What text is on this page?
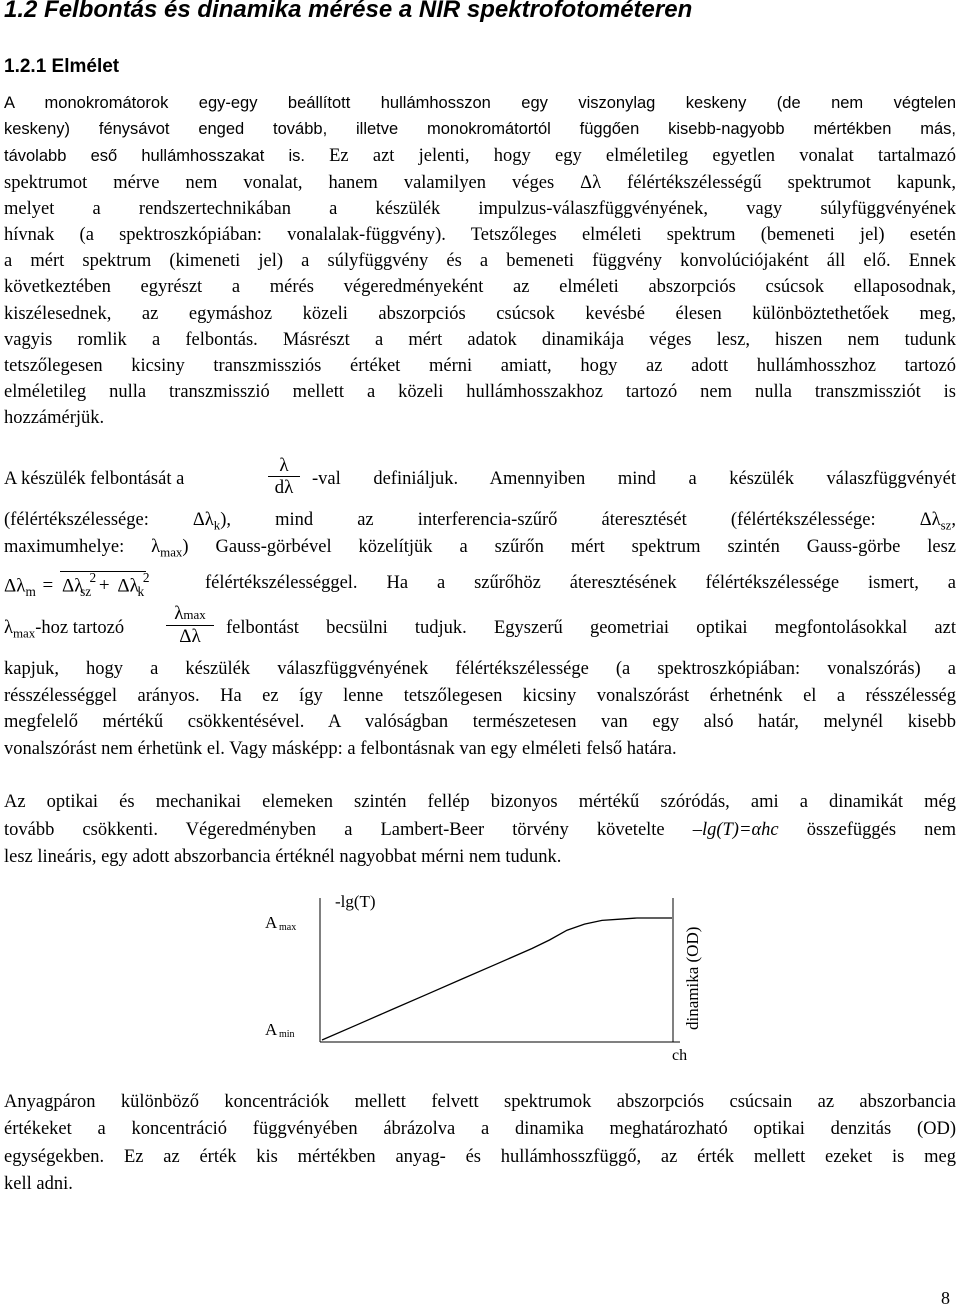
1.2 Felbontás és dinamika mérése a NIR spektrofotométeren
1.2.1 Elmélet
A monokromátorok egy-egy beállított hullámhosszon egy viszonylag keskeny (de nem végtelen
keskeny) fénysávot enged tovább, illetve monokromátortól függően kisebb-nagyobb mértékben más,
távolabb eső hullámhosszakat is. Ez azt jelenti, hogy egy elméletileg egyetlen vonalat tartalmazó
spektrumot mérve nem vonalat, hanem valamilyen véges Δλ félértékszélességű spektrumot kapunk,
melyet a rendszertechnikában a készülék impulzus-válaszfüggvényének, vagy súlyfüggvényének
hívnak (a spektroszkópiában: vonalalak-függvény). Tetszőleges elméleti spektrum (bemeneti jel) esetén
a mért spektrum (kimeneti jel) a súlyfüggvény és a bemeneti függvény konvolúciójaként áll elő. Ennek
következtében egyrészt a mérés végeredményeként az elméleti abszorpciós csúcsok ellaposodnak,
kiszélesednek, az egymáshoz közeli abszorpciós csúcsok kevésbé élesen különböztethetőek meg,
vagyis romlik a felbontás. Másrészt a mért adatok dinamikája véges lesz, hiszen nem tudunk
tetszőlegesen kicsiny transzmissziós értéket mérni amiatt, hogy az adott hullámhosszhoz tartozó
elméletileg nulla transzmisszió mellett a közeli hullámhosszakhoz tartozó nem nulla transzmissziót is
hozzámérjük.
A készülék felbontását a	$\frac{\lambda}{d\lambda} -val$ definiáljuk. Amennyiben mind a készülék válaszfüggvényét
(félértékszélessége: $\Delta\lambda_k$), mind az interferencia-szűrő áteresztését (félértékszélessége: $\Delta\lambda_{sz}$,
maximumhelye: $\lambda_{max}$) Gauss-görbével közelítjük a szűrőn mért spektrum szintén Gauss-görbe lesz
$\Delta\lambda_m = \Delta\lambda$ $^2_{sz}$ + Δλ $^2_k$	félértékszélességgel. Ha a szűrőhöz áteresztésének félértékszélessége ismert, a
$\lambda_{max}$-hoz tartozó
λmax
Δλ	felbontást becsülni tudjuk. Egyszerű geometriai optikai megfontolásokkal azt
kapjuk, hogy a készülék válaszfüggvényének félértékszélessége (a spektroszkópiában: vonalszórás) a
résszélességgel arányos. Ha ez így lenne tetszőlegesen kicsiny vonalszórást érhetnénk el a résszélesség
megfelelő mértékű csökkentésével. A valóságban természetesen van egy alsó határ, melynél kisebb
vonalszórást nem érhetünk el. Vagy másképp: a felbontásnak van egy elméleti felső határa.
Az optikai és mechanikai elemeken szintén fellép bizonyos mértékű szóródás, ami a dinamikát még
tovább csökkenti. Végeredményben a Lambert-Beer törvény követelte –lg(T)=αhc összefüggés nem
lesz lineáris, egy adott abszorbancia értéknél nagyobbat mérni nem tudunk.
A max
A min
-lg(T)
ch
dinamika (OD)
Anyagpáron különböző koncentrációk mellett felvett spektrumok abszorpciós csúcsain az abszorbancia
értékeket a koncentráció függvényében ábrázolva a dinamika meghatározható optikai denzitás (OD)
egységekben. Ez az érték kis mértékben anyag- és hullámhosszfüggő, az érték mellett ezeket is meg
kell adni.
8
